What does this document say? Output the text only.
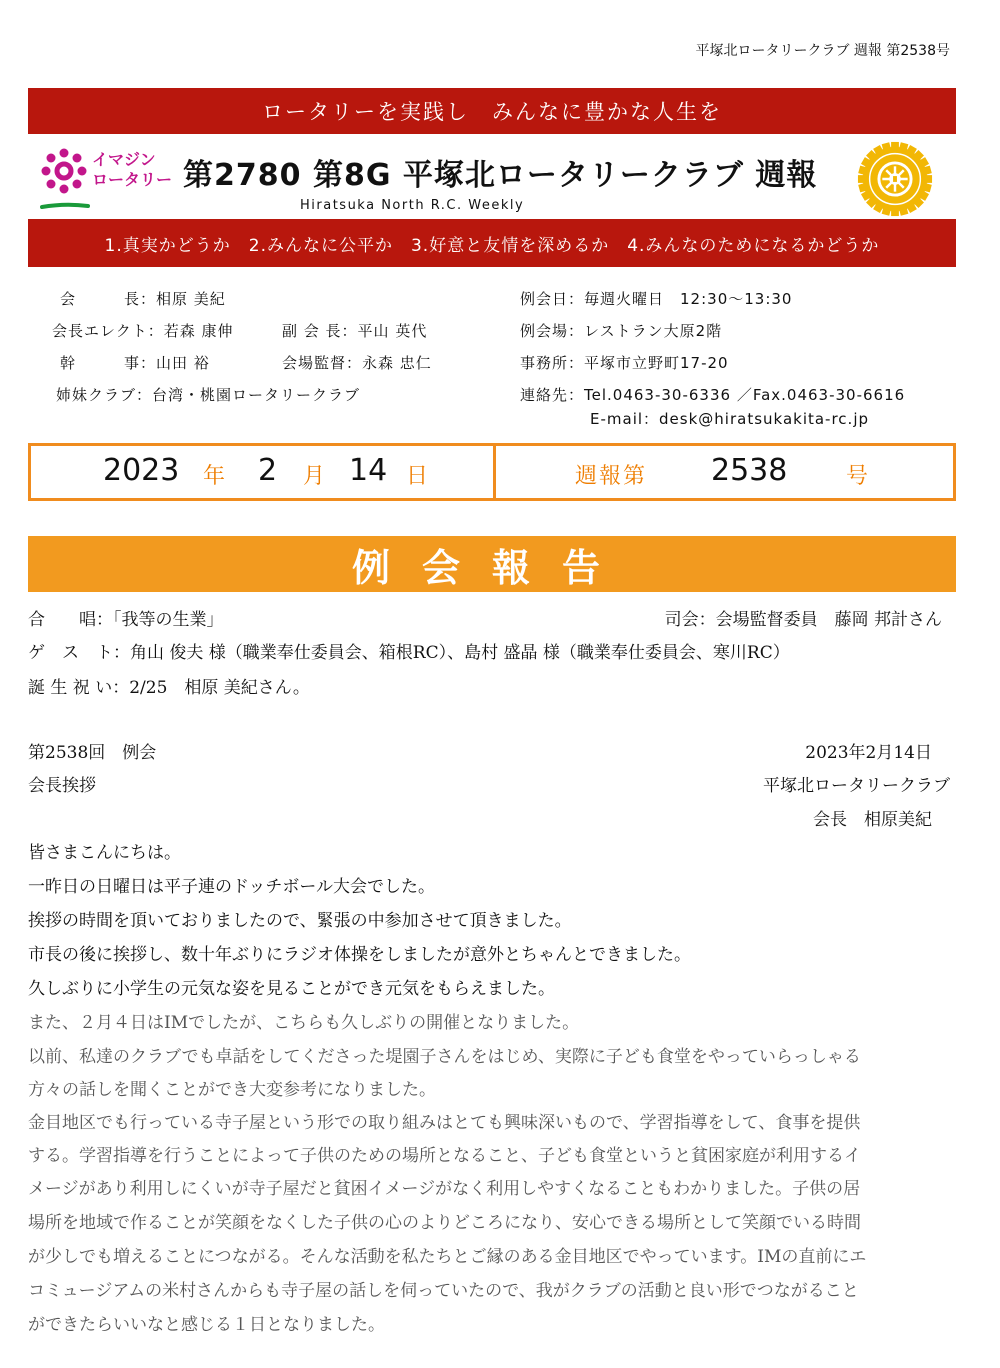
平塚北ロータリークラブ 週報 第2538号
ロータリーを実践し　みんなに豊かな人生を
イマジン
ロータリー 第2780 第8G 平塚北ロータリークラブ 週報
Hiratsuka North R.C. Weekly
1.真実かどうか　2.みんなに公平か　3.好意と友情を深めるか　4.みんなのためになるかどうか
会　　　長：相原 美紀
会長エレクト：若森 康伸	副 会 長：平山 英代
幹　　　事：山田 裕	会場監督：永森 忠仁
姉妹クラブ：台湾・桃園ロータリークラブ
例会日：毎週火曜日　12:30～13:30
例会場：レストラン大原2階
事務所：平塚市立野町17-20
連絡先：Tel.0463-30-6336 ／Fax.0463-30-6616
E-mail：desk@hiratsukakita-rc.jp
2023 年 2 月 14 日	週報第 2538	号
例会報告
合　　唱：「我等の生業」	司会：会場監督委員　藤岡 邦計さん
ゲ　ス　ト：角山 俊夫 様（職業奉仕委員会、箱根RC）、島村 盛晶 様（職業奉仕委員会、寒川RC）
誕 生 祝 い：2/25　相原 美紀さん。
第2538回　例会	2023年2月14日
会長挨拶	平塚北ロータリークラブ
会長　相原美紀
皆さまこんにちは。
一昨日の日曜日は平子連のドッチボール大会でした。
挨拶の時間を頂いておりましたので、緊張の中参加させて頂きました。
市長の後に挨拶し、数十年ぶりにラジオ体操をしましたが意外とちゃんとできました。
久しぶりに小学生の元気な姿を見ることができ元気をもらえました。
また、２月４日はIMでしたが、こちらも久しぶりの開催となりました。
以前、私達のクラブでも卓話をしてくださった堤園子さんをはじめ、実際に子ども食堂をやっていらっしゃる
方々の話しを聞くことができ大変参考になりました。
金目地区でも行っている寺子屋という形での取り組みはとても興味深いもので、学習指導をして、食事を提供
する。学習指導を行うことによって子供のための場所となること、子ども食堂というと貧困家庭が利用するイ
メージがあり利用しにくいが寺子屋だと貧困イメージがなく利用しやすくなることもわかりました。子供の居
場所を地域で作ることが笑顔をなくした子供の心のよりどころになり、安心できる場所として笑顔でいる時間
が少しでも増えることにつながる。そんな活動を私たちとご縁のある金目地区でやっています。IMの直前にエ
コミュージアムの米村さんからも寺子屋の話しを伺っていたので、我がクラブの活動と良い形でつながること
ができたらいいなと感じる１日となりました。
